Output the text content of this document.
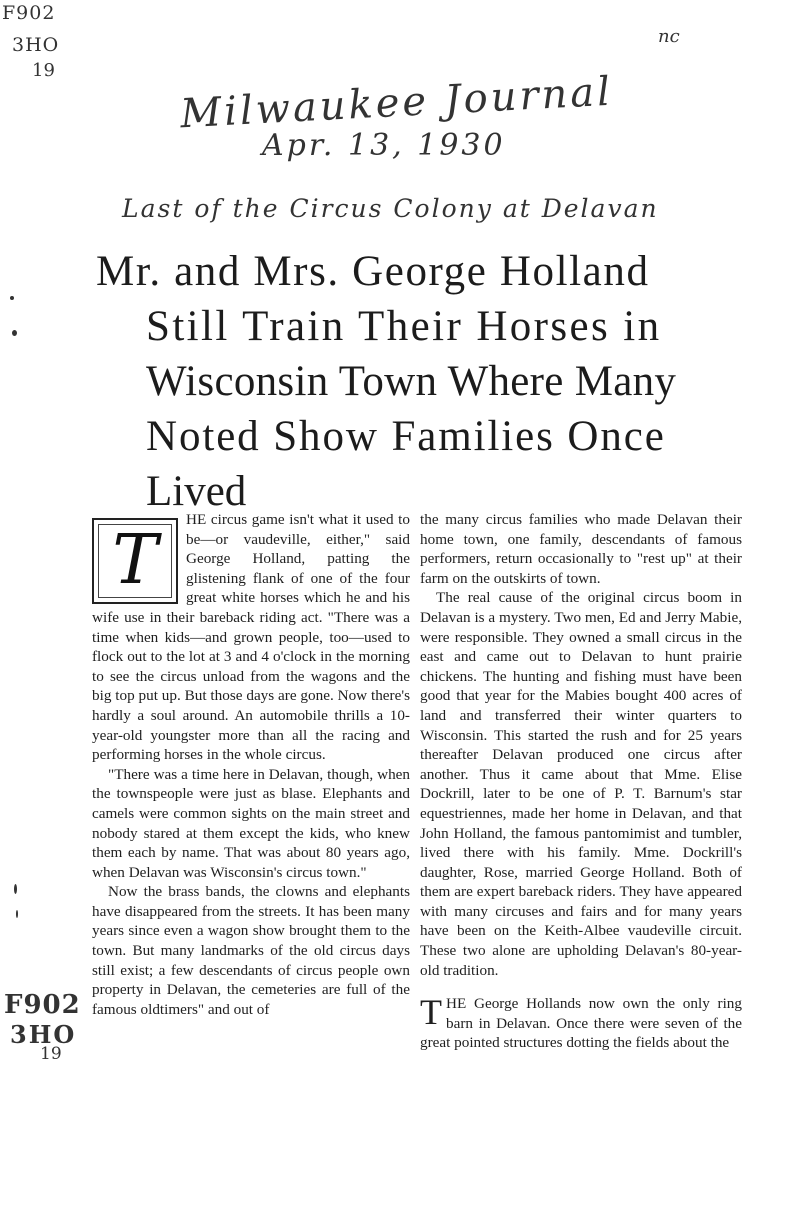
F902
3HO
19
nc
Milwaukee Journal
Apr. 13, 1930
Last of the Circus Colony at Delavan
F902
3HO
19
Mr. and Mrs. George Holland
Still Train Their Horses in
Wisconsin Town Where Many
Noted Show Families Once
Lived
T

HE circus game isn't what it used to be—or vaudeville, either," said George Holland, patting the glistening flank of one of the four great white horses which he and his wife use in their bareback riding act. "There was a time when kids—and grown people, too—used to flock out to the lot at 3 and 4 o'clock in the morning to see the circus unload from the wagons and the big top put up. But those days are gone. Now there's hardly a soul around. An automobile thrills a 10-year-old youngster more than all the racing and performing horses in the whole circus.

"There was a time here in Delavan, though, when the townspeople were just as blase. Elephants and camels were common sights on the main street and nobody stared at them except the kids, who knew them each by name. That was about 80 years ago, when Delavan was Wisconsin's circus town."

Now the brass bands, the clowns and elephants have disappeared from the streets. It has been many years since even a wagon show brought them to the town. But many landmarks of the old circus days still exist; a few descendants of circus people own property in Delavan, the cemeteries are full of the famous oldtimers" and out of

the many circus families who made Delavan their home town, one family, descendants of famous performers, return occasionally to "rest up" at their farm on the outskirts of town.

The real cause of the original circus boom in Delavan is a mystery. Two men, Ed and Jerry Mabie, were responsible. They owned a small circus in the east and came out to Delavan to hunt prairie chickens. The hunting and fishing must have been good that year for the Mabies bought 400 acres of land and transferred their winter quarters to Wisconsin. This started the rush and for 25 years thereafter Delavan produced one circus after another. Thus it came about that Mme. Elise Dockrill, later to be one of P. T. Barnum's star equestriennes, made her home in Delavan, and that John Holland, the famous pantomimist and tumbler, lived there with his family. Mme. Dockrill's daughter, Rose, married George Holland. Both of them are expert bareback riders. They have appeared with many circuses and fairs and for many years have been on the Keith-Albee vaudeville circuit. These two alone are upholding Delavan's 80-year-old tradition.

T HE George Hollands now own the only ring barn in Delavan. Once there were seven of the great pointed structures dotting the fields about the
